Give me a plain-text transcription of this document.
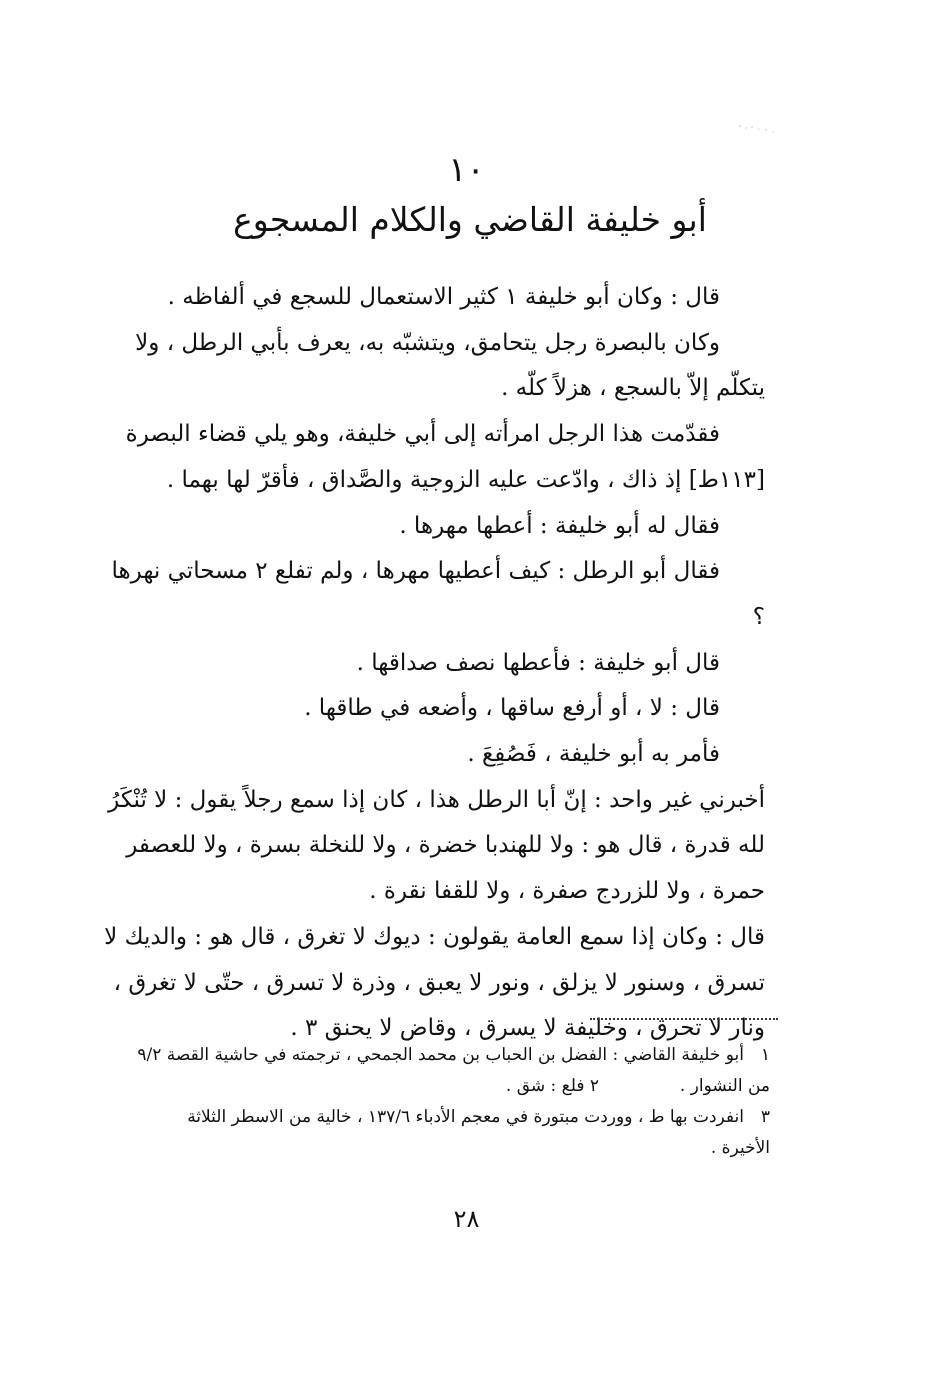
١٠
أبو خليفة القاضي والكلام المسجوع

قال : وكان أبو خليفة ١ كثير الاستعمال للسجع في ألفاظه .

وكان بالبصرة رجل يتحامق، ويتشبّه به، يعرف بأبي الرطل ، ولا يتكلّم إلاّ بالسجع ، هزلاً كلّه .

فقدّمت هذا الرجل امرأته إلى أبي خليفة، وهو يلي قضاء البصرة [١١٣ط] إذ ذاك ، وادّعت عليه الزوجية والصَّداق ، فأقرّ لها بهما .

فقال له أبو خليفة : أعطها مهرها .

فقال أبو الرطل : كيف أعطيها مهرها ، ولم تفلع ٢ مسحاتي نهرها ؟

قال أبو خليفة : فأعطها نصف صداقها .

قال : لا ، أو أرفع ساقها ، وأضعه في طاقها .

فأمر به أبو خليفة ، فَصُفِعَ .

أخبرني غير واحد : إنّ أبا الرطل هذا ، كان إذا سمع رجلاً يقول : لا تُنْكَرُ لله قدرة ، قال هو : ولا للهندبا خضرة ، ولا للنخلة بسرة ، ولا للعصفر حمرة ، ولا للزردج صفرة ، ولا للقفا نقرة .

قال : وكان إذا سمع العامة يقولون : ديوك لا تغرق ، قال هو : والديك لا تسرق ، وسنور لا يزلق ، ونور لا يعبق ، وذرة لا تسرق ، حتّى لا تغرق ، ونار لا تحرق ، وخليفة لا يسرق ، وقاض لا يحنق ٣ .

١أبو خليفة القاضي : الفضل بن الحباب بن محمد الجمحي ، ترجمته في حاشية القصة ٩/٢

من النشوار .  ٢ فلع : شق .

٣انفردت بها ط ، ووردت مبتورة في معجم الأدباء ١٣٧/٦ ، خالية من الاسطر الثلاثة

الأخيرة .

٢٨
